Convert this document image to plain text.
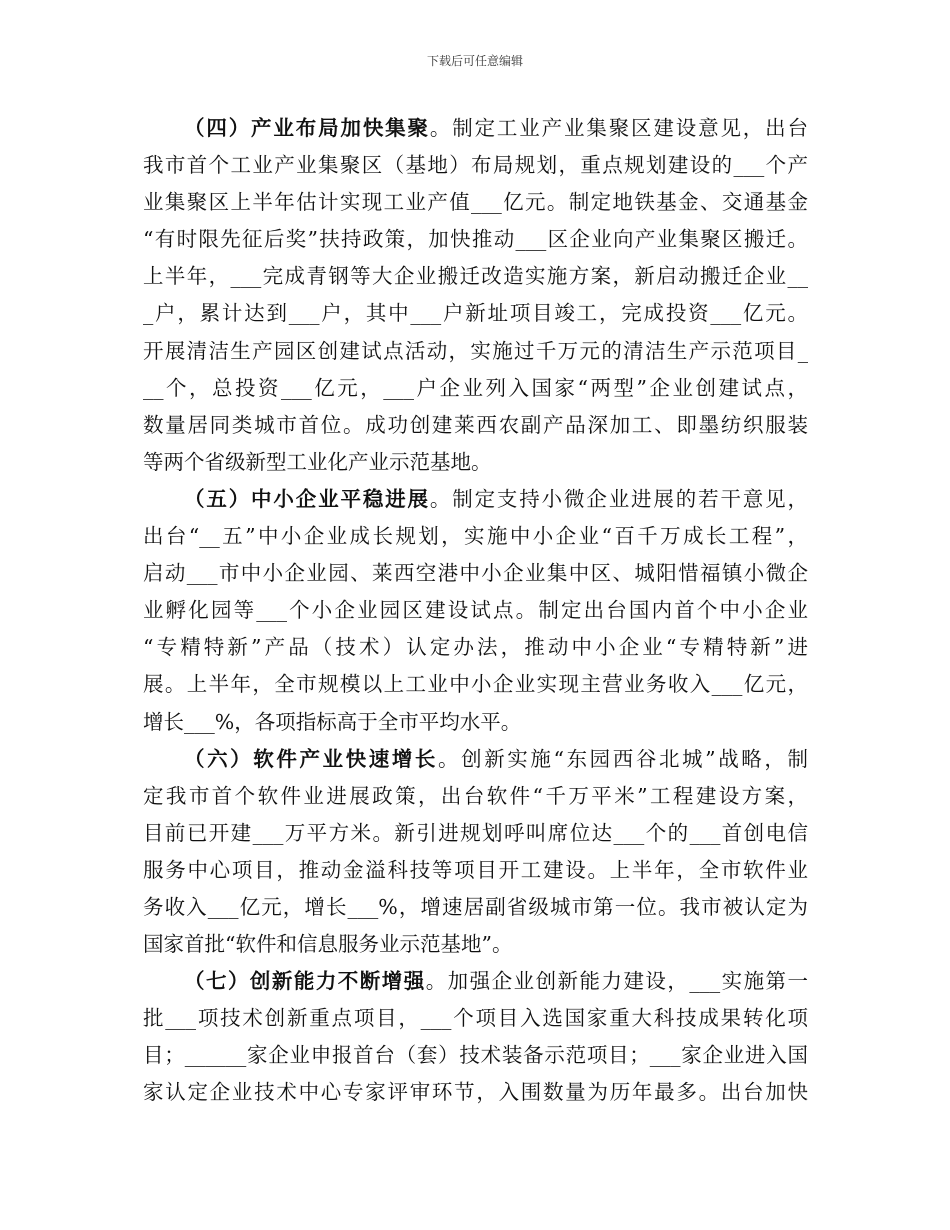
下载后可任意编辑
（四）产业布局加快集聚。制定工业产业集聚区建设意见，出台
我市首个工业产业集聚区（基地）布局规划，重点规划建设的___个产
业集聚区上半年估计实现工业产值___亿元。制定地铁基金、交通基金
“有时限先征后奖”扶持政策，加快推动___区企业向产业集聚区搬迁。
上半年，___完成青钢等大企业搬迁改造实施方案，新启动搬迁企业__
_户，累计达到___户，其中___户新址项目竣工，完成投资___亿元。
开展清洁生产园区创建试点活动，实施过千万元的清洁生产示范项目_
__个，总投资___亿元，___户企业列入国家“两型”企业创建试点，
数量居同类城市首位。成功创建莱西农副产品深加工、即墨纺织服装
等两个省级新型工业化产业示范基地。
（五）中小企业平稳进展。制定支持小微企业进展的若干意见，
出台“__五”中小企业成长规划，实施中小企业“百千万成长工程”，
启动___市中小企业园、莱西空港中小企业集中区、城阳惜福镇小微企
业孵化园等___个小企业园区建设试点。制定出台国内首个中小企业
“专精特新”产品（技术）认定办法，推动中小企业“专精特新”进
展。上半年，全市规模以上工业中小企业实现主营业务收入___亿元，
增长___%，各项指标高于全市平均水平。
（六）软件产业快速增长。创新实施“东园西谷北城”战略，制
定我市首个软件业进展政策，出台软件“千万平米”工程建设方案，
目前已开建___万平方米。新引进规划呼叫席位达___个的___首创电信
服务中心项目，推动金溢科技等项目开工建设。上半年，全市软件业
务收入___亿元，增长___%，增速居副省级城市第一位。我市被认定为
国家首批“软件和信息服务业示范基地”。
（七）创新能力不断增强。加强企业创新能力建设，___实施第一
批___项技术创新重点项目，___个项目入选国家重大科技成果转化项
目；______家企业申报首台（套）技术装备示范项目；___家企业进入国
家认定企业技术中心专家评审环节，入围数量为历年最多。出台加快
